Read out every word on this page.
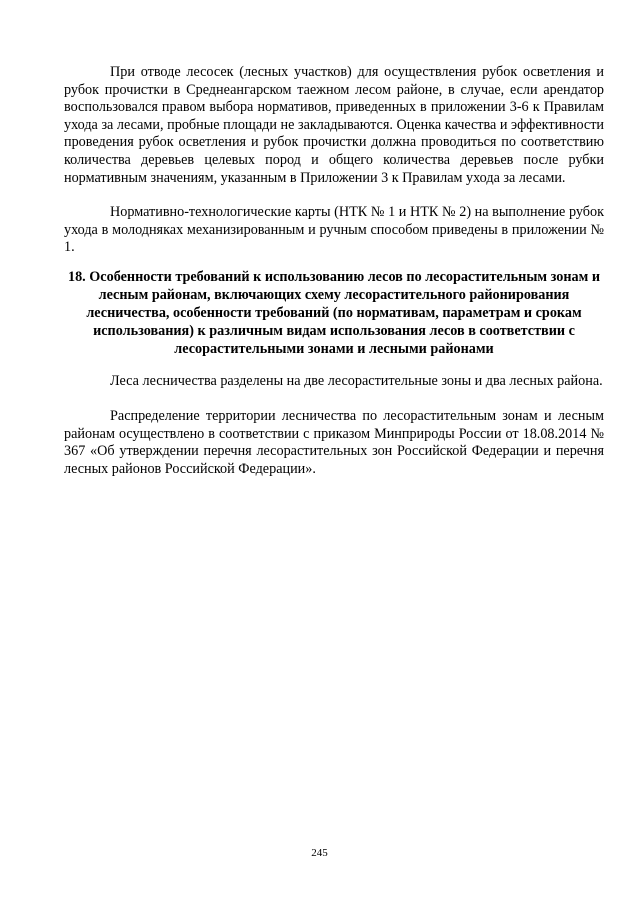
При отводе лесосек (лесных участков) для осуществления рубок осветления и рубок прочистки в Среднеангарском таежном лесом районе, в случае, если арендатор воспользовался правом выбора нормативов, приведенных в приложении 3-6 к Правилам ухода за лесами, пробные площади не закладываются. Оценка качества и эффективности проведения рубок осветления и рубок прочистки должна проводиться по соответствию количества деревьев целевых пород и общего количества деревьев после рубки нормативным значениям, указанным в Приложении 3 к Правилам ухода за лесами.

Нормативно-технологические карты (НТК № 1 и НТК № 2) на выполнение рубок ухода в молодняках механизированным и ручным способом приведены в приложении № 1.

18. Особенности требований к использованию лесов по лесорастительным зонам и лесным районам, включающих схему лесорастительного районирования лесничества, особенности требований (по нормативам, параметрам и срокам использования) к различным видам использования лесов в соответствии с лесорастительными зонами и лесными районами

Леса лесничества разделены на две лесорастительные зоны и два лесных района.

Распределение территории лесничества по лесорастительным зонам и лесным районам осуществлено в соответствии с приказом Минприроды России от 18.08.2014 № 367 «Об утверждении перечня лесорастительных зон Российской Федерации и перечня лесных районов Российской Федерации».

245
